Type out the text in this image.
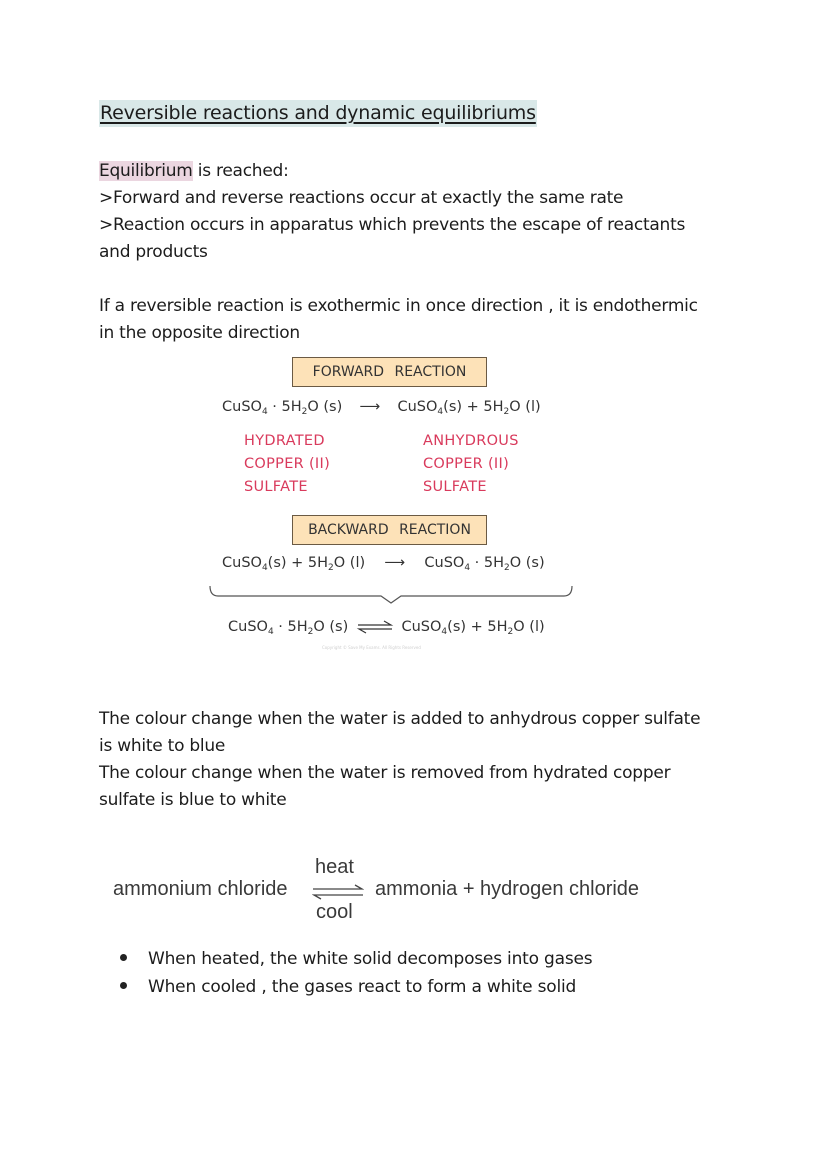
Reversible reactions and dynamic equilibriums
Equilibrium is reached:
>Forward and reverse reactions occur at exactly the same rate
>Reaction occurs in apparatus which prevents the escape of reactants
and products
If a reversible reaction is exothermic in once direction , it is endothermic
in the opposite direction
FORWARD REACTION
CuSO$_4$ · $5H_2O$ (s) ⟶ CuSO$_4$(s) + $5H_2O$ (l)
HYDRATED
COPPER (II)
SULFATE
ANHYDROUS
COPPER (II)
SULFATE
BACKWARD REACTION
CuSO$_4$(s) + $5H_2O$ (l) ⟶ CuSO$_4$ · $5H_2O$ (s)
CuSO$_4$ · $5H_2O$ (s) ⇌ CuSO$_4$(s) + $5H_2O$ (l)
Copyright © Save My Exams. All Rights Reserved
The colour change when the water is added to anhydrous copper sulfate
is white to blue
The colour change when the water is removed from hydrated copper
sulfate is blue to white
ammonium chloride
heat
cool
ammonia + hydrogen chloride
When heated, the white solid decomposes into gases
When cooled , the gases react to form a white solid
